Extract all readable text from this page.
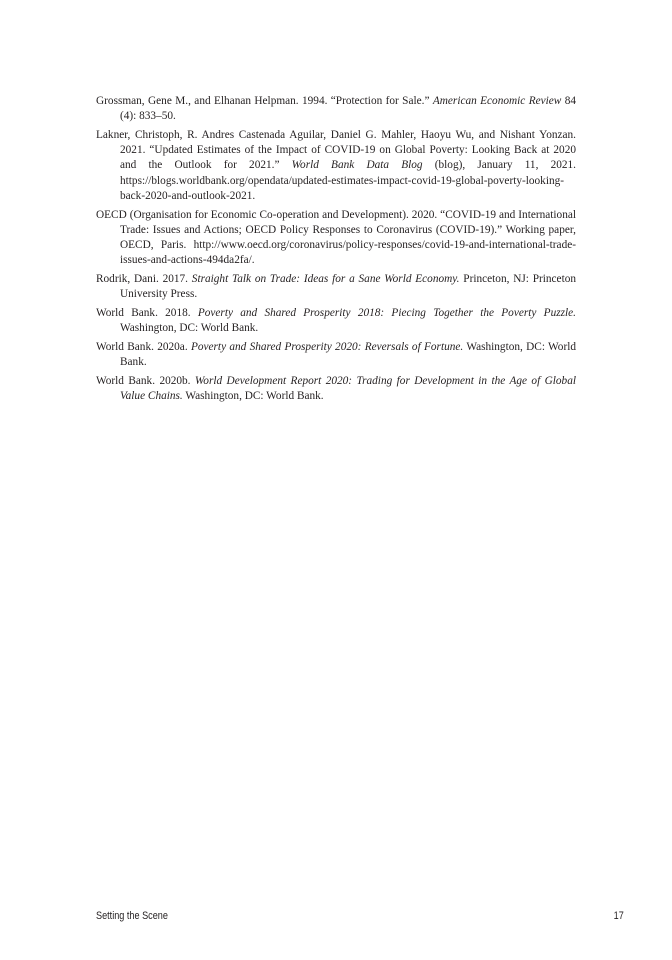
Grossman, Gene M., and Elhanan Helpman. 1994. “Protection for Sale.” American Economic Review 84 (4): 833–50.

Lakner, Christoph, R. Andres Castenada Aguilar, Daniel G. Mahler, Haoyu Wu, and Nishant Yonzan. 2021. “Updated Estimates of the Impact of COVID-19 on Global Poverty: Looking Back at 2020 and the Outlook for 2021.” World Bank Data Blog (blog), January 11, 2021. https://blogs.worldbank.org/opendata/updated-estimates-impact-covid-19-global-poverty-looking-back-2020-and-outlook-2021.

OECD (Organisation for Economic Co-operation and Development). 2020. “COVID-19 and International Trade: Issues and Actions; OECD Policy Responses to Coronavirus (COVID-19).” Working paper, OECD, Paris. http://www.oecd.org/coronavirus/policy-responses/covid-19-and-international-trade-issues-and-actions-494da2fa/.

Rodrik, Dani. 2017. Straight Talk on Trade: Ideas for a Sane World Economy. Princeton, NJ: Princeton University Press.

World Bank. 2018. Poverty and Shared Prosperity 2018: Piecing Together the Poverty Puzzle. Washington, DC: World Bank.

World Bank. 2020a. Poverty and Shared Prosperity 2020: Reversals of Fortune. Washington, DC: World Bank.

World Bank. 2020b. World Development Report 2020: Trading for Development in the Age of Global Value Chains. Washington, DC: World Bank.

Setting the Scene	17
